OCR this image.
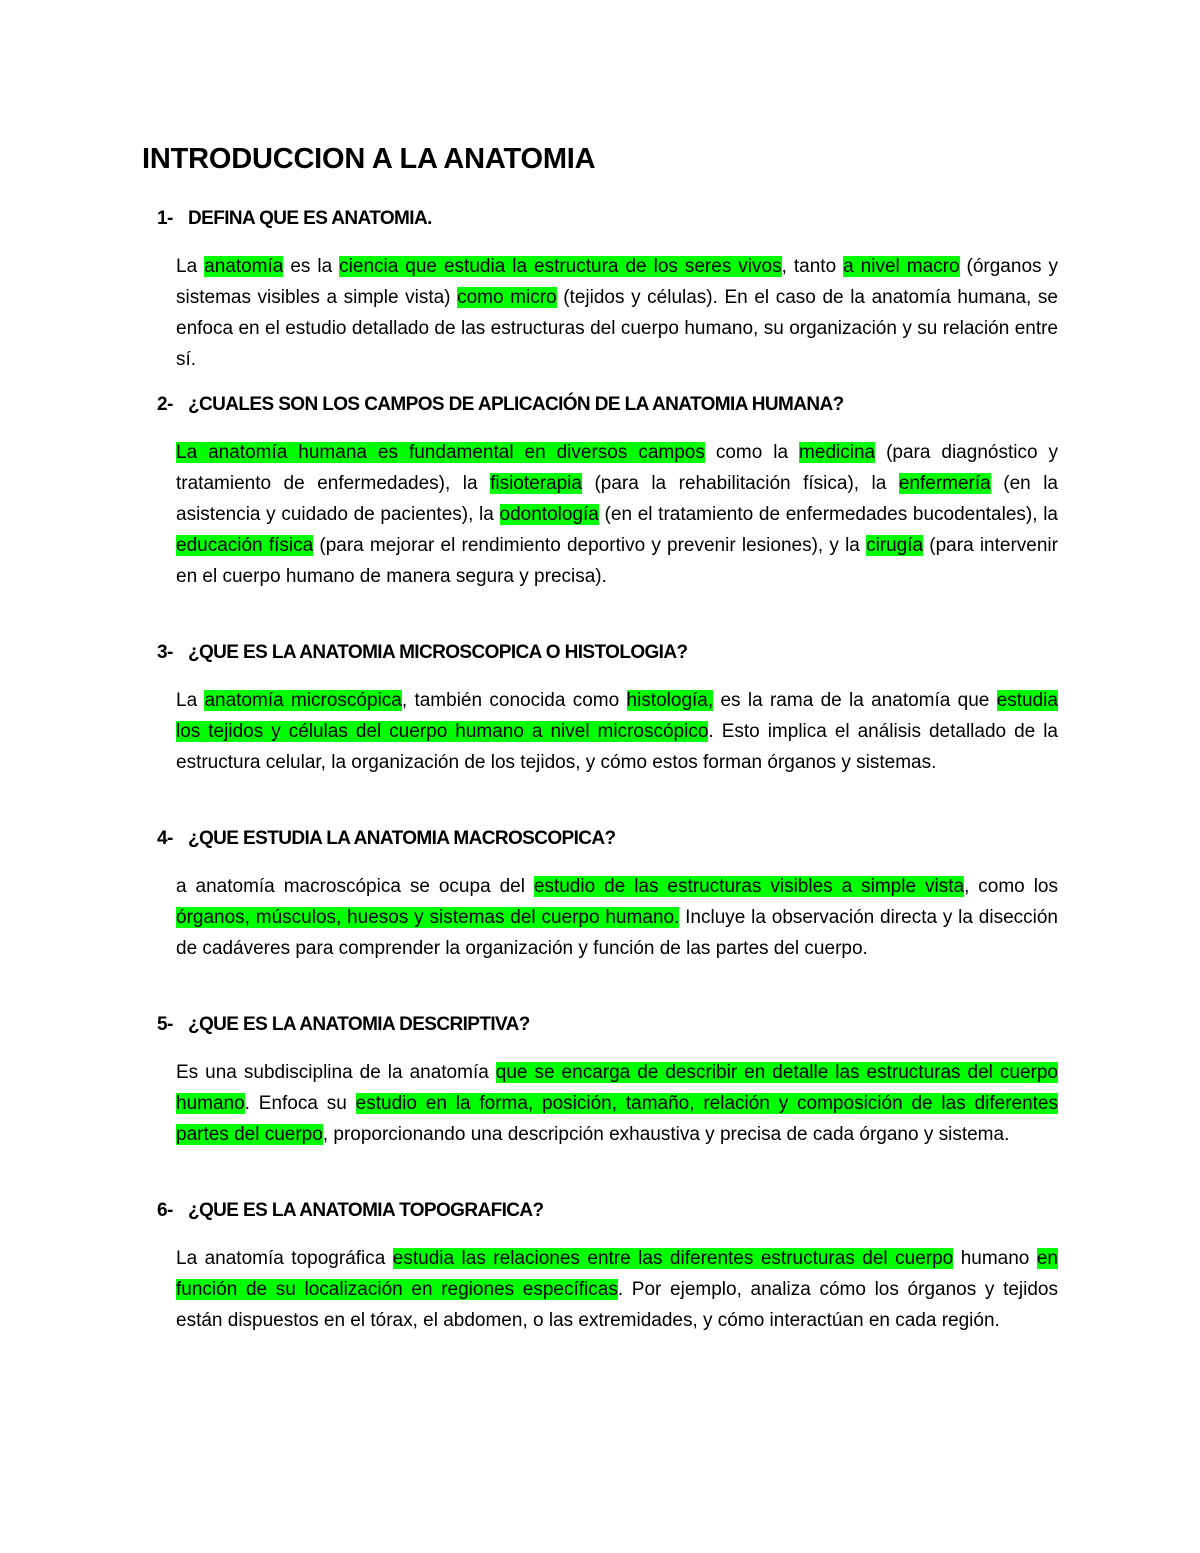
INTRODUCCION A LA ANATOMIA
1- DEFINA QUE ES ANATOMIA.
La anatomía es la ciencia que estudia la estructura de los seres vivos, tanto a nivel macro (órganos y sistemas visibles a simple vista) como micro (tejidos y células). En el caso de la anatomía humana, se enfoca en el estudio detallado de las estructuras del cuerpo humano, su organización y su relación entre sí.
2- ¿CUALES SON LOS CAMPOS DE APLICACIÓN DE LA ANATOMIA HUMANA?
La anatomía humana es fundamental en diversos campos como la medicina (para diagnóstico y tratamiento de enfermedades), la fisioterapia (para la rehabilitación física), la enfermería (en la asistencia y cuidado de pacientes), la odontología (en el tratamiento de enfermedades bucodentales), la educación física (para mejorar el rendimiento deportivo y prevenir lesiones), y la cirugía (para intervenir en el cuerpo humano de manera segura y precisa).
3- ¿QUE ES LA ANATOMIA MICROSCOPICA O HISTOLOGIA?
La anatomía microscópica, también conocida como histología, es la rama de la anatomía que estudia los tejidos y células del cuerpo humano a nivel microscópico. Esto implica el análisis detallado de la estructura celular, la organización de los tejidos, y cómo estos forman órganos y sistemas.
4- ¿QUE ESTUDIA LA ANATOMIA MACROSCOPICA?
a anatomía macroscópica se ocupa del estudio de las estructuras visibles a simple vista, como los órganos, músculos, huesos y sistemas del cuerpo humano. Incluye la observación directa y la disección de cadáveres para comprender la organización y función de las partes del cuerpo.
5- ¿QUE ES LA ANATOMIA DESCRIPTIVA?
Es una subdisciplina de la anatomía que se encarga de describir en detalle las estructuras del cuerpo humano. Enfoca su estudio en la forma, posición, tamaño, relación y composición de las diferentes partes del cuerpo, proporcionando una descripción exhaustiva y precisa de cada órgano y sistema.
6- ¿QUE ES LA ANATOMIA TOPOGRAFICA?
La anatomía topográfica estudia las relaciones entre las diferentes estructuras del cuerpo humano en función de su localización en regiones específicas. Por ejemplo, analiza cómo los órganos y tejidos están dispuestos en el tórax, el abdomen, o las extremidades, y cómo interactúan en cada región.
